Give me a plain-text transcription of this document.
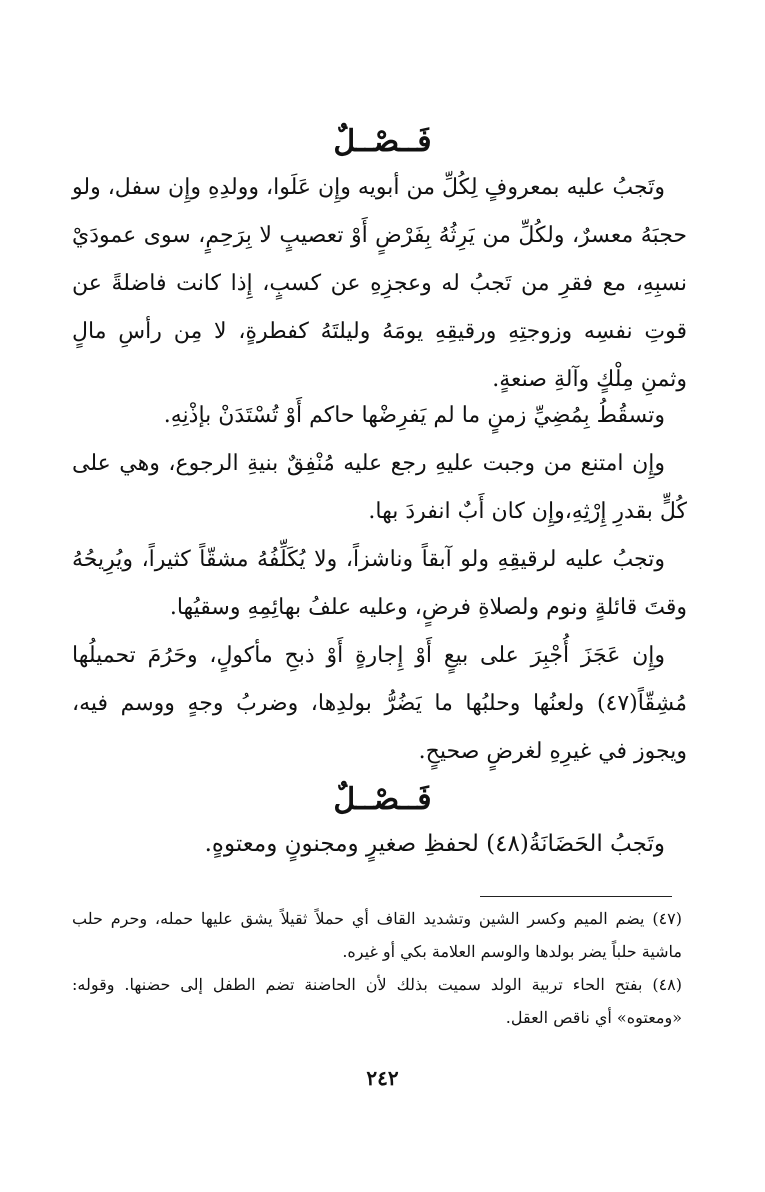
فَــصْــلٌ
وتَجبُ عليه بمعروفٍ لِكُلِّ من أبويه وإِن عَلَوا، وولدِهِ وإِن سفل، ولو حجبَهُ معسرٌ، ولكُلِّ من يَرِثُهُ بِفَرْضٍ أَوْ تعصيبٍ لا بِرَحِمٍ، سوى عمودَيْ نسبِهِ، مع فقرِ من تَجبُ له وعجزِهِ عن كسبٍ، إِذا كانت فاضلةً عن قوتِ نفسِه وزوجتِهِ ورقيقِهِ يومَهُ وليلتَهُ كفطرةٍ، لا مِن رأسِ مالٍ وثمنِ مِلْكٍ وآلةِ صنعةٍ.
وتسقُطُ بِمُضِيِّ زمنٍ ما لم يَفرِضْها حاكم أَوْ تُسْتَدَنْ بإذْنِهِ.
وإِن امتنع من وجبت عليهِ رجع عليه مُنْفِقٌ بنيةِ الرجوع، وهي على كُلٍّ بقدرِ إِرْثِهِ،وإِن كان أَبٌ انفردَ بها.
وتجبُ عليه لرقيقِهِ ولو آبقاً وناشزاً، ولا يُكَلِّفُهُ مشقّاً كثيراً، ويُرِيحُهُ وقتَ قائلةٍ ونوم ولصلاةِ فرضٍ، وعليه علفُ بهائِمِهِ وسقيُها.
وإِن عَجَزَ أُجْبِرَ على بيعٍ أَوْ إِجارةٍ أَوْ ذبحِ مأكولٍ، وحَرُمَ تحميلُها مُشِقّاً(٤٧) ولعنُها وحلبُها ما يَضُرُّ بولدِها، وضربُ وجهٍ ووسم فيه، ويجوز في غيرِهِ لغرضٍ صحيحٍ.
فَــصْــلٌ
وتَجبُ الحَضَانَةُ(٤٨) لحفظِ صغيرٍ ومجنونٍ ومعتوهٍ.
(٤٧) يضم الميم وكسر الشين وتشديد القاف أي حملاً ثقيلاً يشق عليها حمله، وحرم حلب ماشية حلباً يضر بولدها والوسم العلامة بكي أو غيره.
(٤٨) بفتح الحاء تربية الولد سميت بذلك لأن الحاضنة تضم الطفل إلى حضنها. وقوله: «ومعتوه» أي ناقص العقل.
٢٤٢
